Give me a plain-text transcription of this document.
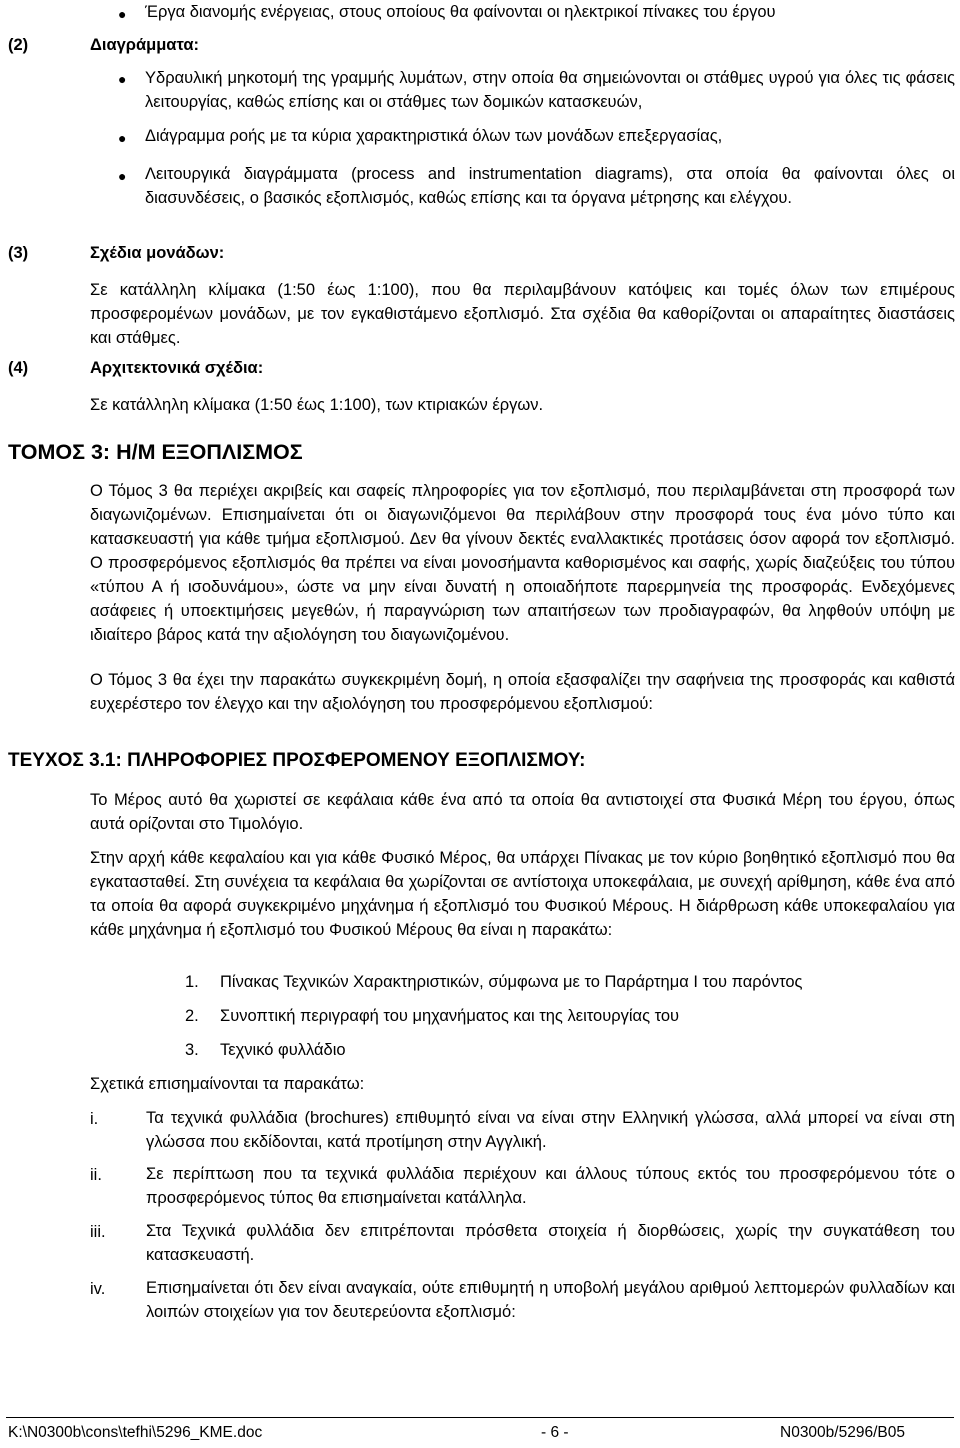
● Έργα διανομής ενέργειας, στους οποίους θα φαίνονται οι ηλεκτρικοί πίνακες του έργου
(2)	Διαγράμματα:
● Υδραυλική μηκοτομή της γραμμής λυμάτων, στην οποία θα σημειώνονται οι στάθμες υγρού για όλες τις φάσεις λειτουργίας, καθώς επίσης και οι στάθμες των δομικών κατασκευών,
● Διάγραμμα ροής με τα κύρια χαρακτηριστικά όλων των μονάδων επεξεργασίας,
● Λειτουργικά διαγράμματα (process and instrumentation diagrams), στα οποία θα φαίνονται όλες οι διασυνδέσεις, ο βασικός εξοπλισμός, καθώς επίσης και τα όργανα μέτρησης και ελέγχου.
(3)	Σχέδια μονάδων:
Σε κατάλληλη κλίμακα (1:50 έως 1:100), που θα περιλαμβάνουν κατόψεις και τομές όλων των επιμέρους προσφερομένων μονάδων, με τον εγκαθιστάμενο εξοπλισμό. Στα σχέδια θα καθορίζονται οι απαραίτητες διαστάσεις και στάθμες.
(4)	Αρχιτεκτονικά σχέδια:
Σε κατάλληλη κλίμακα (1:50 έως 1:100), των κτιριακών έργων.
ΤΟΜΟΣ 3: Η/Μ ΕΞΟΠΛΙΣΜΟΣ
Ο Τόμος 3 θα περιέχει ακριβείς και σαφείς πληροφορίες για τον εξοπλισμό, που περιλαμβάνεται στη προσφορά των διαγωνιζομένων. Επισημαίνεται ότι οι διαγωνιζόμενοι θα περιλάβουν στην προσφορά τους ένα μόνο τύπο και κατασκευαστή για κάθε τμήμα εξοπλισμού. Δεν θα γίνουν δεκτές εναλλακτικές προτάσεις όσον αφορά τον εξοπλισμό. Ο προσφερόμενος εξοπλισμός θα πρέπει να είναι μονοσήμαντα καθορισμένος και σαφής, χωρίς διαζεύξεις του τύπου «τύπου Α ή ισοδυνάμου», ώστε να μην είναι δυνατή η οποιαδήποτε παρερμηνεία της προσφοράς. Ενδεχόμενες ασάφειες ή υποεκτιμήσεις μεγεθών, ή παραγνώριση των απαιτήσεων των προδιαγραφών, θα ληφθούν υπόψη με ιδιαίτερο βάρος κατά την αξιολόγηση του διαγωνιζομένου.
Ο Τόμος 3 θα έχει την παρακάτω συγκεκριμένη δομή, η οποία εξασφαλίζει την σαφήνεια της προσφοράς και καθιστά ευχερέστερο τον έλεγχο και την αξιολόγηση του προσφερόμενου εξοπλισμού:
ΤΕΥΧΟΣ 3.1: ΠΛΗΡΟΦΟΡΙΕΣ ΠΡΟΣΦΕΡΟΜΕΝΟΥ ΕΞΟΠΛΙΣΜΟΥ:
Το Μέρος αυτό θα χωριστεί σε κεφάλαια κάθε ένα από τα οποία θα αντιστοιχεί στα Φυσικά Μέρη του έργου, όπως αυτά ορίζονται στο Τιμολόγιο.
Στην αρχή κάθε κεφαλαίου και για κάθε Φυσικό Μέρος, θα υπάρχει Πίνακας με τον κύριο βοηθητικό εξοπλισμό που θα εγκατασταθεί. Στη συνέχεια τα κεφάλαια θα χωρίζονται σε αντίστοιχα υποκεφάλαια, με συνεχή αρίθμηση, κάθε ένα από τα οποία θα αφορά συγκεκριμένο μηχάνημα ή εξοπλισμό του Φυσικού Μέρους. Η διάρθρωση κάθε υποκεφαλαίου για κάθε μηχάνημα ή εξοπλισμό του Φυσικού Μέρους θα είναι η παρακάτω:
1. Πίνακας Τεχνικών Χαρακτηριστικών, σύμφωνα με το Παράρτημα Ι του παρόντος
2. Συνοπτική περιγραφή του μηχανήματος και της λειτουργίας του
3. Τεχνικό φυλλάδιο
Σχετικά επισημαίνονται τα παρακάτω:
i.	Τα τεχνικά φυλλάδια (brochures) επιθυμητό είναι να είναι στην Ελληνική γλώσσα, αλλά μπορεί να είναι στη γλώσσα που εκδίδονται, κατά προτίμηση στην Αγγλική.
ii.	Σε περίπτωση που τα τεχνικά φυλλάδια περιέχουν και άλλους τύπους εκτός του προσφερόμενου τότε ο προσφερόμενος τύπος θα επισημαίνεται κατάλληλα.
iii. Στα Τεχνικά φυλλάδια δεν επιτρέπονται πρόσθετα στοιχεία ή διορθώσεις, χωρίς την συγκατάθεση του κατασκευαστή.
iv. Επισημαίνεται ότι δεν είναι αναγκαία, ούτε επιθυμητή η υποβολή μεγάλου αριθμού λεπτομερών φυλλαδίων και λοιπών στοιχείων για τον δευτερεύοντα εξοπλισμό:
K:\N0300b\cons\tefhi\5296_KME.doc	- 6 -	N0300b/5296/B05
